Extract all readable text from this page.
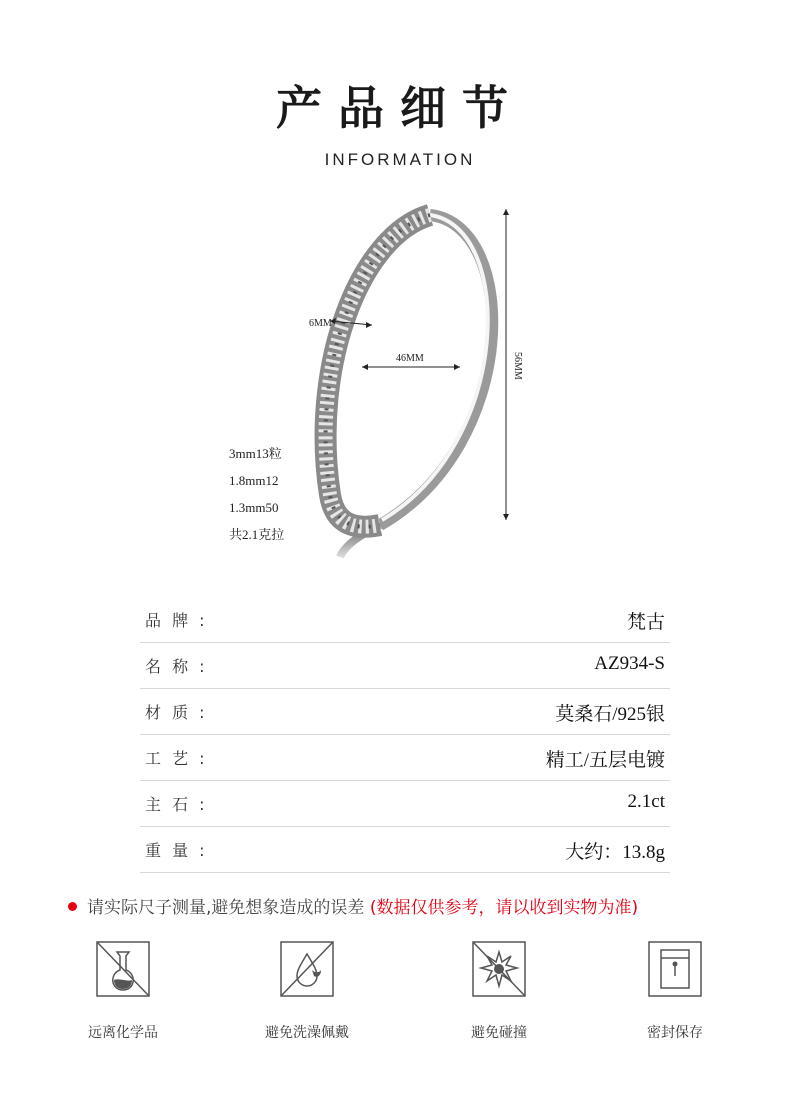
产品细节
INFORMATION
6MM
46MM	56MM
3mm13粒
1.8mm12
1.3mm50
共2.1克拉
品 牌 :	梵古
名 称 :	AZ934-S
材 质 :	莫桑石/925银
工 艺 :	精工/五层电镀
主 石 :	2.1ct
重 量 :	大约：13.8g
请实际尺子测量,避免想象造成的误差 (数据仅供参考，请以收到实物为准)
远离化学品	避免洗澡佩戴	避免碰撞	密封保存
